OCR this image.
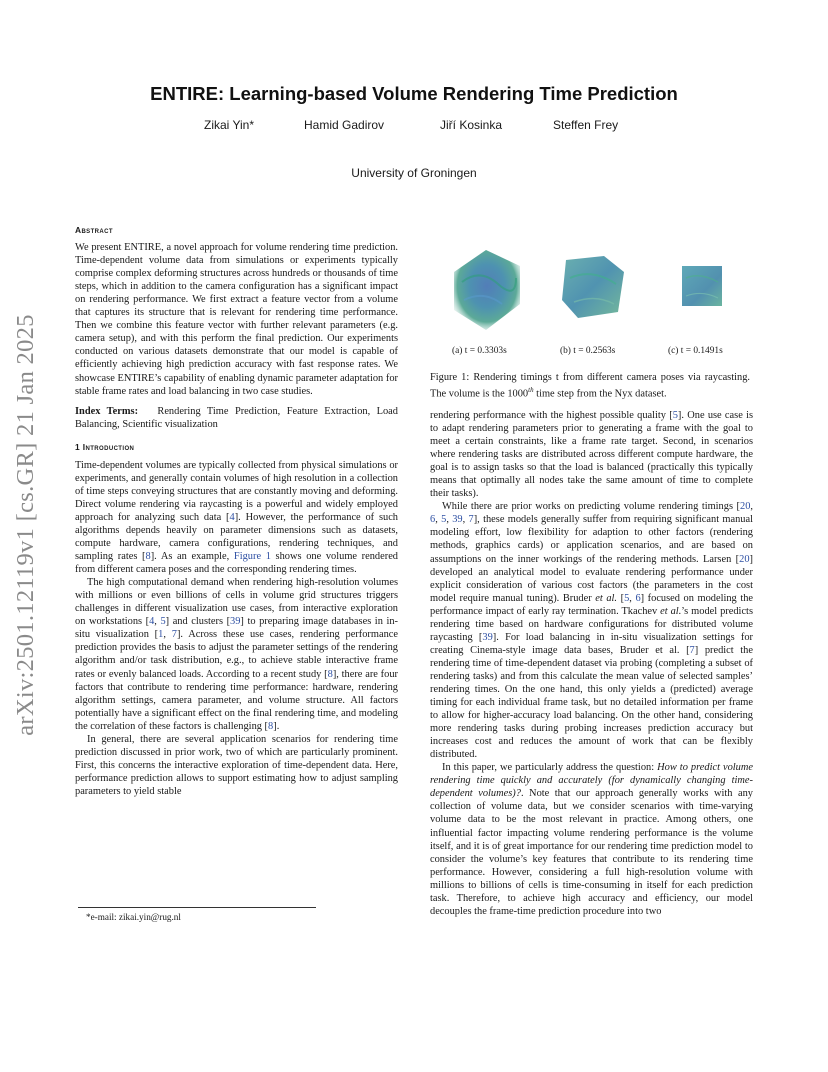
arXiv:2501.12119v1 [cs.GR] 21 Jan 2025
ENTIRE: Learning-based Volume Rendering Time Prediction
Zikai Yin*	Hamid Gadirov	Jiří Kosinka	Steffen Frey
University of Groningen

Abstract

We present ENTIRE, a novel approach for volume rendering time prediction. Time-dependent volume data from simulations or experiments typically comprise complex deforming structures across hundreds or thousands of time steps, which in addition to the camera configuration has a significant impact on rendering performance. We first extract a feature vector from a volume that captures its structure that is relevant for rendering time performance. Then we combine this feature vector with further relevant parameters (e.g. camera setup), and with this perform the final prediction. Our experiments conducted on various datasets demonstrate that our model is capable of efficiently achieving high prediction accuracy with fast response rates. We showcase ENTIRE’s capability of enabling dynamic parameter adaptation for stable frame rates and load balancing in two case studies.

Index Terms: Rendering Time Prediction, Feature Extraction, Load Balancing, Scientific visualization

1 Introduction

Time-dependent volumes are typically collected from physical simulations or experiments, and generally contain volumes of high resolution in a collection of time steps conveying structures that are constantly moving and deforming. Direct volume rendering via raycasting is a powerful and widely employed approach for analyzing such data [4]. However, the performance of such algorithms depends heavily on parameter dimensions such as datasets, compute hardware, camera configurations, rendering techniques, and sampling rates [8]. As an example, Figure 1 shows one volume rendered from different camera poses and the corresponding rendering times.

The high computational demand when rendering high-resolution volumes with millions or even billions of cells in volume grid structures triggers challenges in different visualization use cases, from interactive exploration on workstations [4, 5] and clusters [39] to preparing image databases in in-situ visualization [1, 7]. Across these use cases, rendering performance prediction provides the basis to adjust the parameter settings of the rendering algorithm and/or task distribution, e.g., to achieve stable interactive frame rates or evenly balanced loads. According to a recent study [8], there are four factors that contribute to rendering time performance: hardware, rendering algorithm settings, camera parameter, and volume structure. All factors potentially have a significant effect on the final rendering time, and modeling the correlation of these factors is challenging [8].

In general, there are several application scenarios for rendering time prediction discussed in prior work, two of which are particularly prominent. First, this concerns the interactive exploration of time-dependent data. Here, performance prediction allows to support estimating how to adjust sampling parameters to yield stable

*e-mail: zikai.yin@rug.nl
(a) t = 0.3303s	(b) t = 0.2563s	(c) t = 0.1491s
Figure 1: Rendering timings t from different camera poses via raycasting. The volume is the 1000th time step from the Nyx dataset.

rendering performance with the highest possible quality [5]. One use case is to adapt rendering parameters prior to generating a frame with the goal to meet a certain constraints, like a frame rate target. Second, in scenarios where rendering tasks are distributed across different compute hardware, the goal is to assign tasks so that the load is balanced (practically this typically means that optimally all nodes take the same amount of time to complete their tasks).

While there are prior works on predicting volume rendering timings [20, 6, 5, 39, 7], these models generally suffer from requiring significant manual modeling effort, low flexibility for adaption to other factors (rendering methods, graphics cards) or application scenarios, and are based on assumptions on the inner workings of the rendering methods. Larsen [20] developed an analytical model to evaluate rendering performance under explicit consideration of various cost factors (the parameters in the cost model require manual tuning). Bruder et al. [5, 6] focused on modeling the performance impact of early ray termination. Tkachev et al.’s model predicts rendering time based on hardware configurations for distributed volume raycasting [39]. For load balancing in in-situ visualization settings for creating Cinema-style image data bases, Bruder et al. [7] predict the rendering time of time-dependent dataset via probing (completing a subset of rendering tasks) and from this calculate the mean value of selected samples’ rendering times. On the one hand, this only yields a (predicted) average timing for each individual frame task, but no detailed information per frame to allow for higher-accuracy load balancing. On the other hand, considering more rendering tasks during probing increases prediction accuracy but increases cost and reduces the amount of work that can be flexibly distributed.

In this paper, we particularly address the question: How to predict volume rendering time quickly and accurately (for dynamically changing time-dependent volumes)?. Note that our approach generally works with any collection of volume data, but we consider scenarios with time-varying volume data to be the most relevant in practice. Among others, one influential factor impacting volume rendering performance is the volume itself, and it is of great importance for our rendering time prediction model to consider the volume’s key features that contribute to its rendering time performance. However, considering a full high-resolution volume with millions to billions of cells is time-consuming in itself for each prediction task. Therefore, to achieve high accuracy and efficiency, our model decouples the frame-time prediction procedure into two
